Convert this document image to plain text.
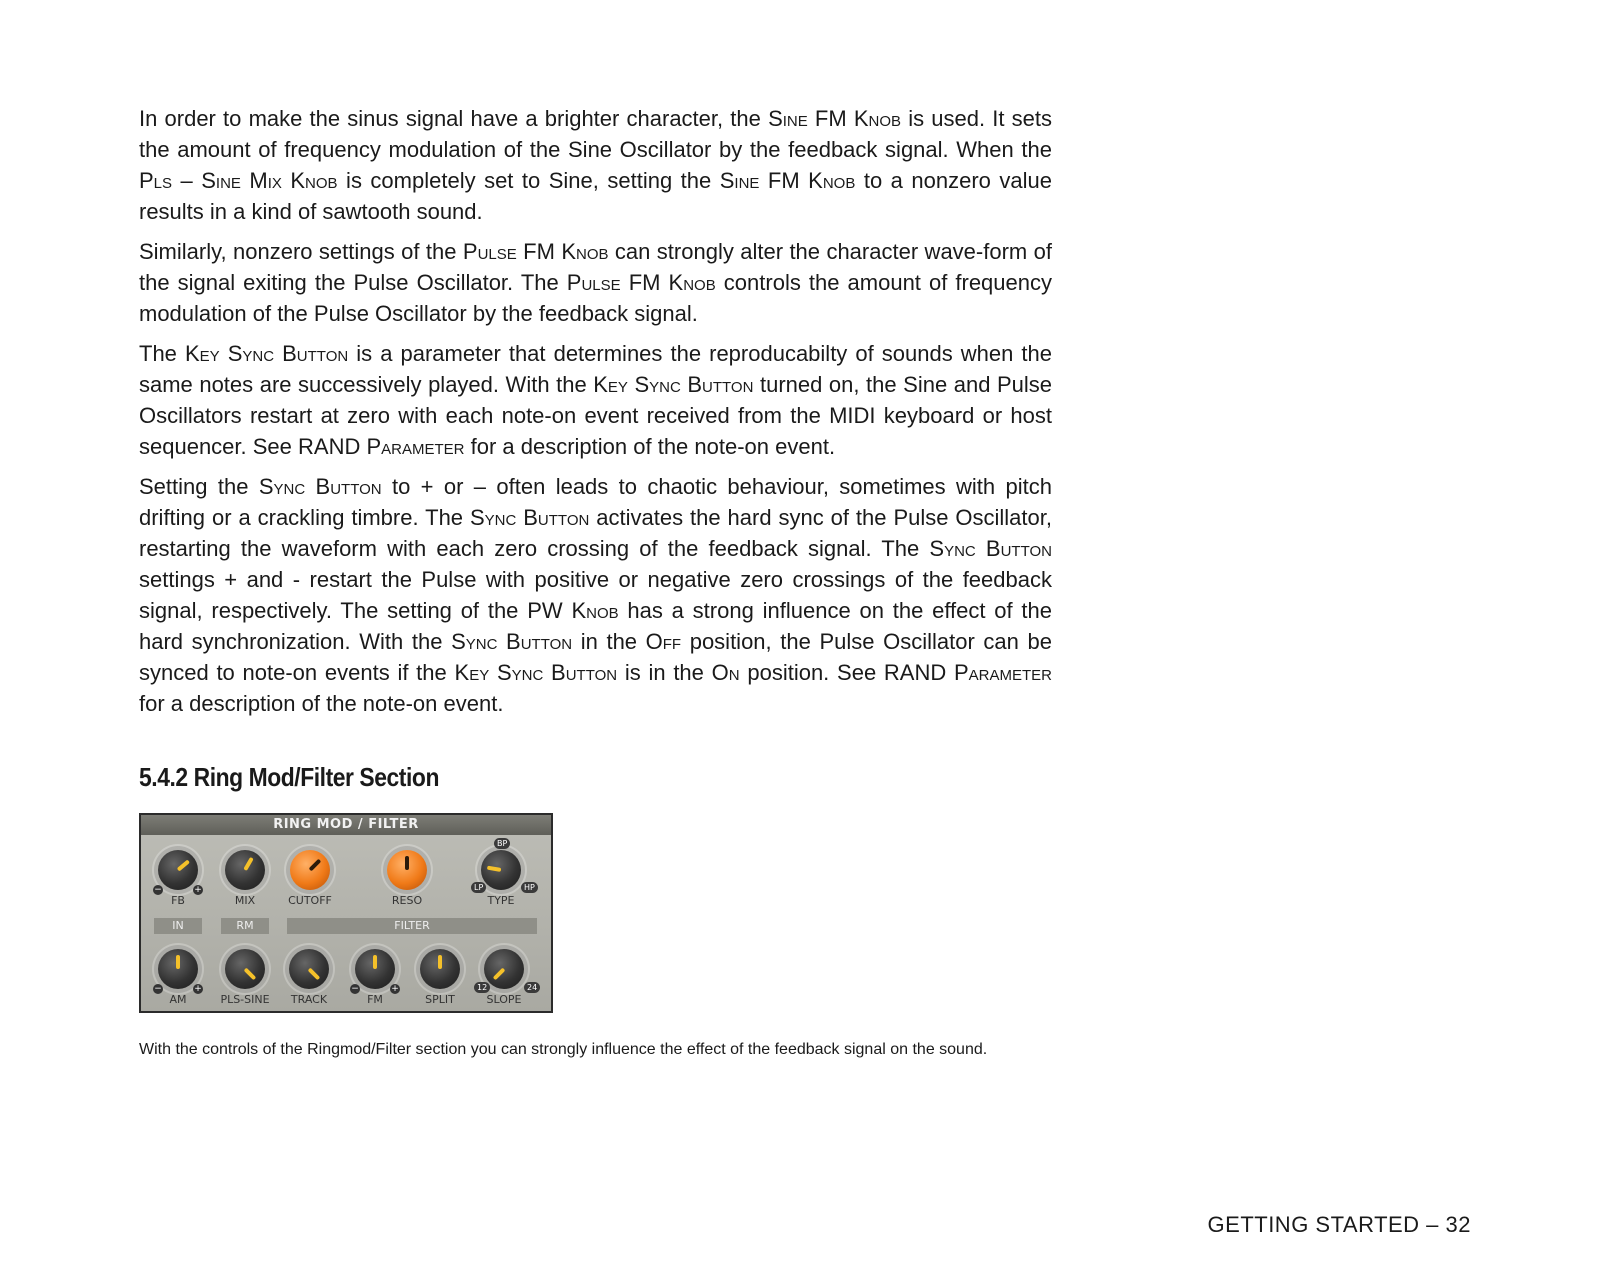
In order to make the sinus signal have a brighter character, the Sine FM Knob is used. It sets the amount of frequency modulation of the Sine Oscillator by the feedback signal. When the Pls – Sine Mix Knob is completely set to Sine, setting the Sine FM Knob to a nonzero value results in a kind of sawtooth sound.

Similarly, nonzero settings of the Pulse FM Knob can strongly alter the character wave-form of the signal exiting the Pulse Oscillator. The Pulse FM Knob controls the amount of frequency modulation of the Pulse Oscillator by the feedback signal.

The Key Sync Button is a parameter that determines the reproducabilty of sounds when the same notes are successively played. With the Key Sync Button turned on, the Sine and Pulse Oscillators restart at zero with each note-on event received from the MIDI keyboard or host sequencer. See RAND Parameter for a description of the note-on event.

Setting the Sync Button to + or – often leads to chaotic behaviour, sometimes with pitch drifting or a crackling timbre. The Sync Button activates the hard sync of the Pulse Oscillator, restarting the waveform with each zero crossing of the feedback signal. The Sync Button settings + and - restart the Pulse with positive or negative zero crossings of the feedback signal, respectively. The setting of the PW Knob has a strong influence on the effect of the hard synchronization. With the Sync Button in the Off position, the Pulse Oscillator can be synced to note-on events if the Key Sync Button is in the On position. See RAND Parameter for a description of the note-on event.

5.4.2 Ring Mod/Filter Section
RING MOD / FILTER
−	+
FB	MIX	CUTOFF	RESO
BP
LP	HP
TYPE
IN	RM	FILTER
−	+
AM	PLS-SINE	TRACK
−	+
FM	SPLIT
12	24
SLOPE
With the controls of the Ringmod/Filter section you can strongly influence the effect of the feedback signal on the sound.
GETTING STARTED – 32
